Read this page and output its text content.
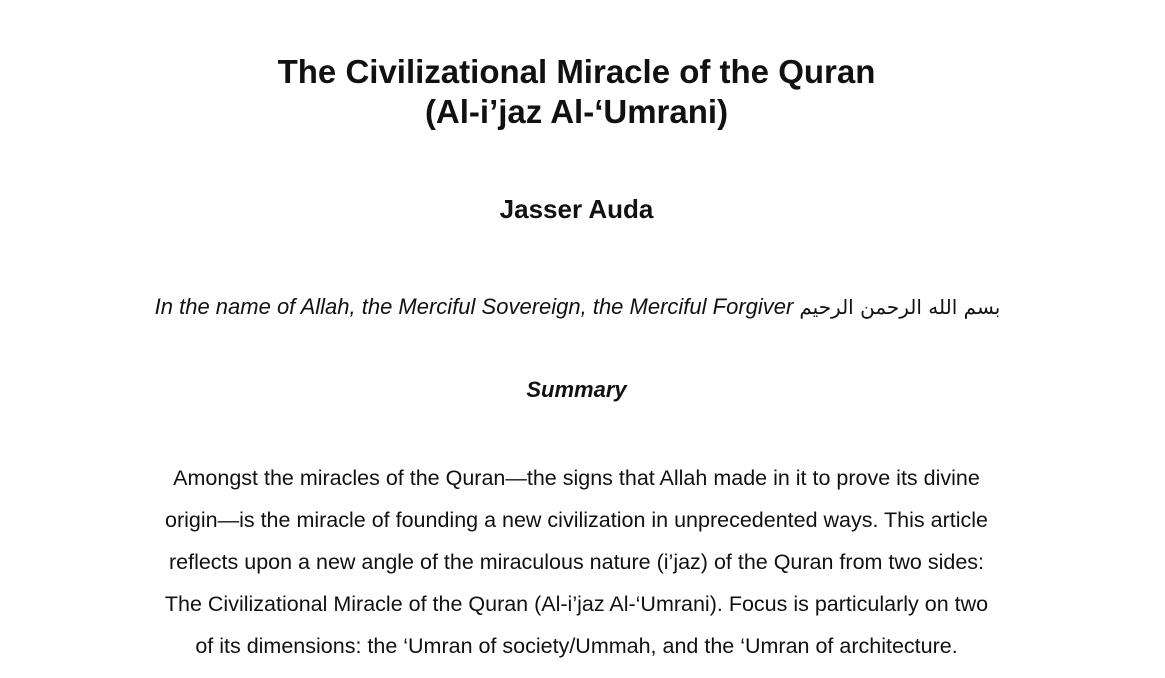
The Civilizational Miracle of the Quran
(Al-i’jaz Al-‘Umrani)
Jasser Auda
In the name of Allah, the Merciful Sovereign, the Merciful Forgiver بسم الله الرحمن الرحيم
Summary
Amongst the miracles of the Quran—the signs that Allah made in it to prove its divine
origin—is the miracle of founding a new civilization in unprecedented ways. This article
reflects upon a new angle of the miraculous nature (i’jaz) of the Quran from two sides:
The Civilizational Miracle of the Quran (Al-i’jaz Al-‘Umrani). Focus is particularly on two
of its dimensions: the ‘Umran of society/Ummah, and the ‘Umran of architecture.
